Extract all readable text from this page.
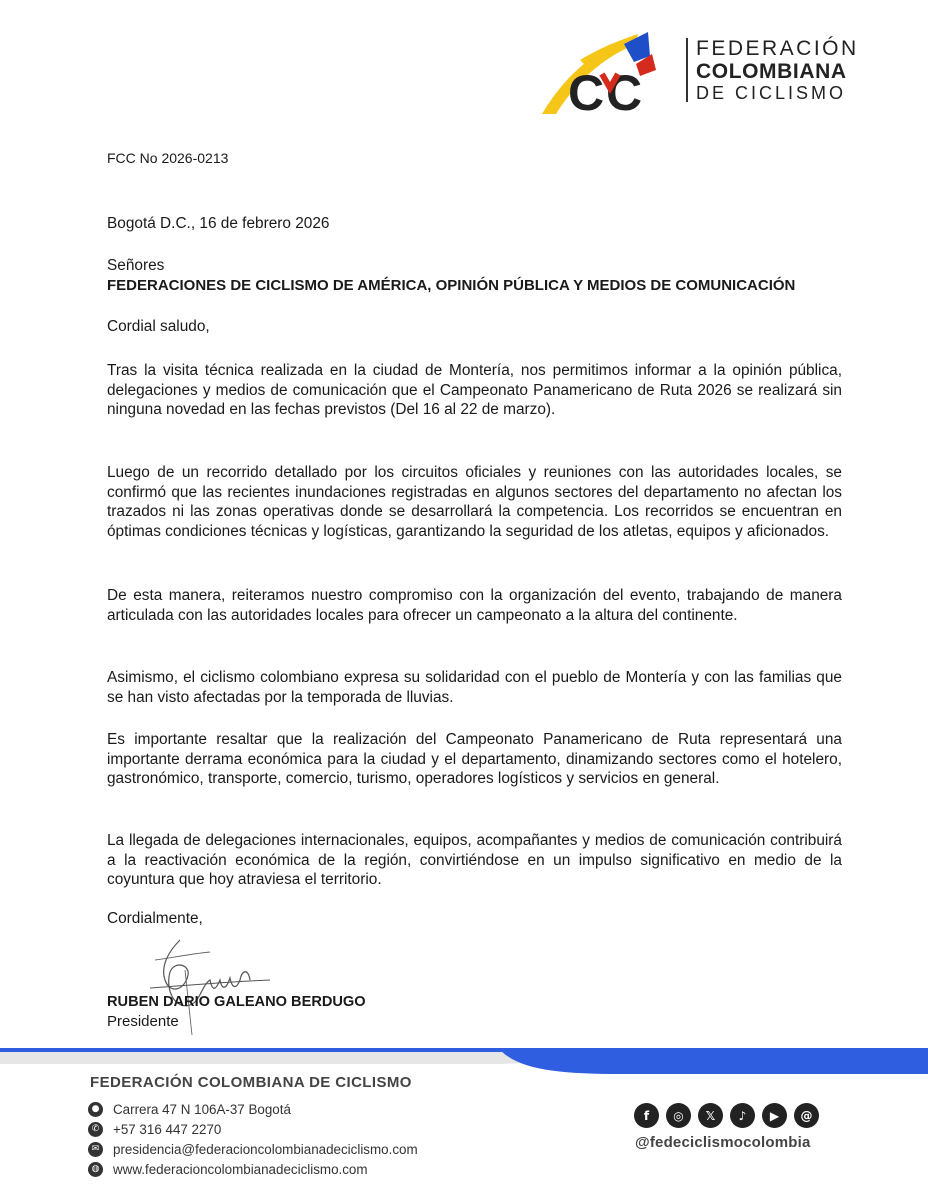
C C
FEDERACIÓN
COLOMBIANA
DE CICLISMO
FCC No 2026-0213
Bogotá D.C., 16 de febrero 2026
Señores
FEDERACIONES DE CICLISMO DE AMÉRICA, OPINIÓN PÚBLICA Y MEDIOS DE COMUNICACIÓN
Cordial saludo,

Tras la visita técnica realizada en la ciudad de Montería, nos permitimos informar a la opinión pública, delegaciones y medios de comunicación que el Campeonato Panamericano de Ruta 2026 se realizará sin ninguna novedad en las fechas previstos (Del 16 al 22 de marzo).

Luego de un recorrido detallado por los circuitos oficiales y reuniones con las autoridades locales, se confirmó que las recientes inundaciones registradas en algunos sectores del departamento no afectan los trazados ni las zonas operativas donde se desarrollará la competencia. Los recorridos se encuentran en óptimas condiciones técnicas y logísticas, garantizando la seguridad de los atletas, equipos y aficionados.

De esta manera, reiteramos nuestro compromiso con la organización del evento, trabajando de manera articulada con las autoridades locales para ofrecer un campeonato a la altura del continente.

Asimismo, el ciclismo colombiano expresa su solidaridad con el pueblo de Montería y con las familias que se han visto afectadas por la temporada de lluvias.

Es importante resaltar que la realización del Campeonato Panamericano de Ruta representará una importante derrama económica para la ciudad y el departamento, dinamizando sectores como el hotelero, gastronómico, transporte, comercio, turismo, operadores logísticos y servicios en general.

La llegada de delegaciones internacionales, equipos, acompañantes y medios de comunicación contribuirá a la reactivación económica de la región, convirtiéndose en un impulso significativo en medio de la coyuntura que hoy atraviesa el territorio.

Cordialmente,
RUBEN DARIO GALEANO BERDUGO
Presidente
FEDERACIÓN COLOMBIANA DE CICLISMO
● Carrera 47 N 106A-37 Bogotá
✆ +57 316 447 2270
✉ presidencia@federacioncolombianadeciclismo.com
◍ www.federacioncolombianadeciclismo.com
f	◎	𝕏	♪	▶	@
@fedeciclismocolombia
